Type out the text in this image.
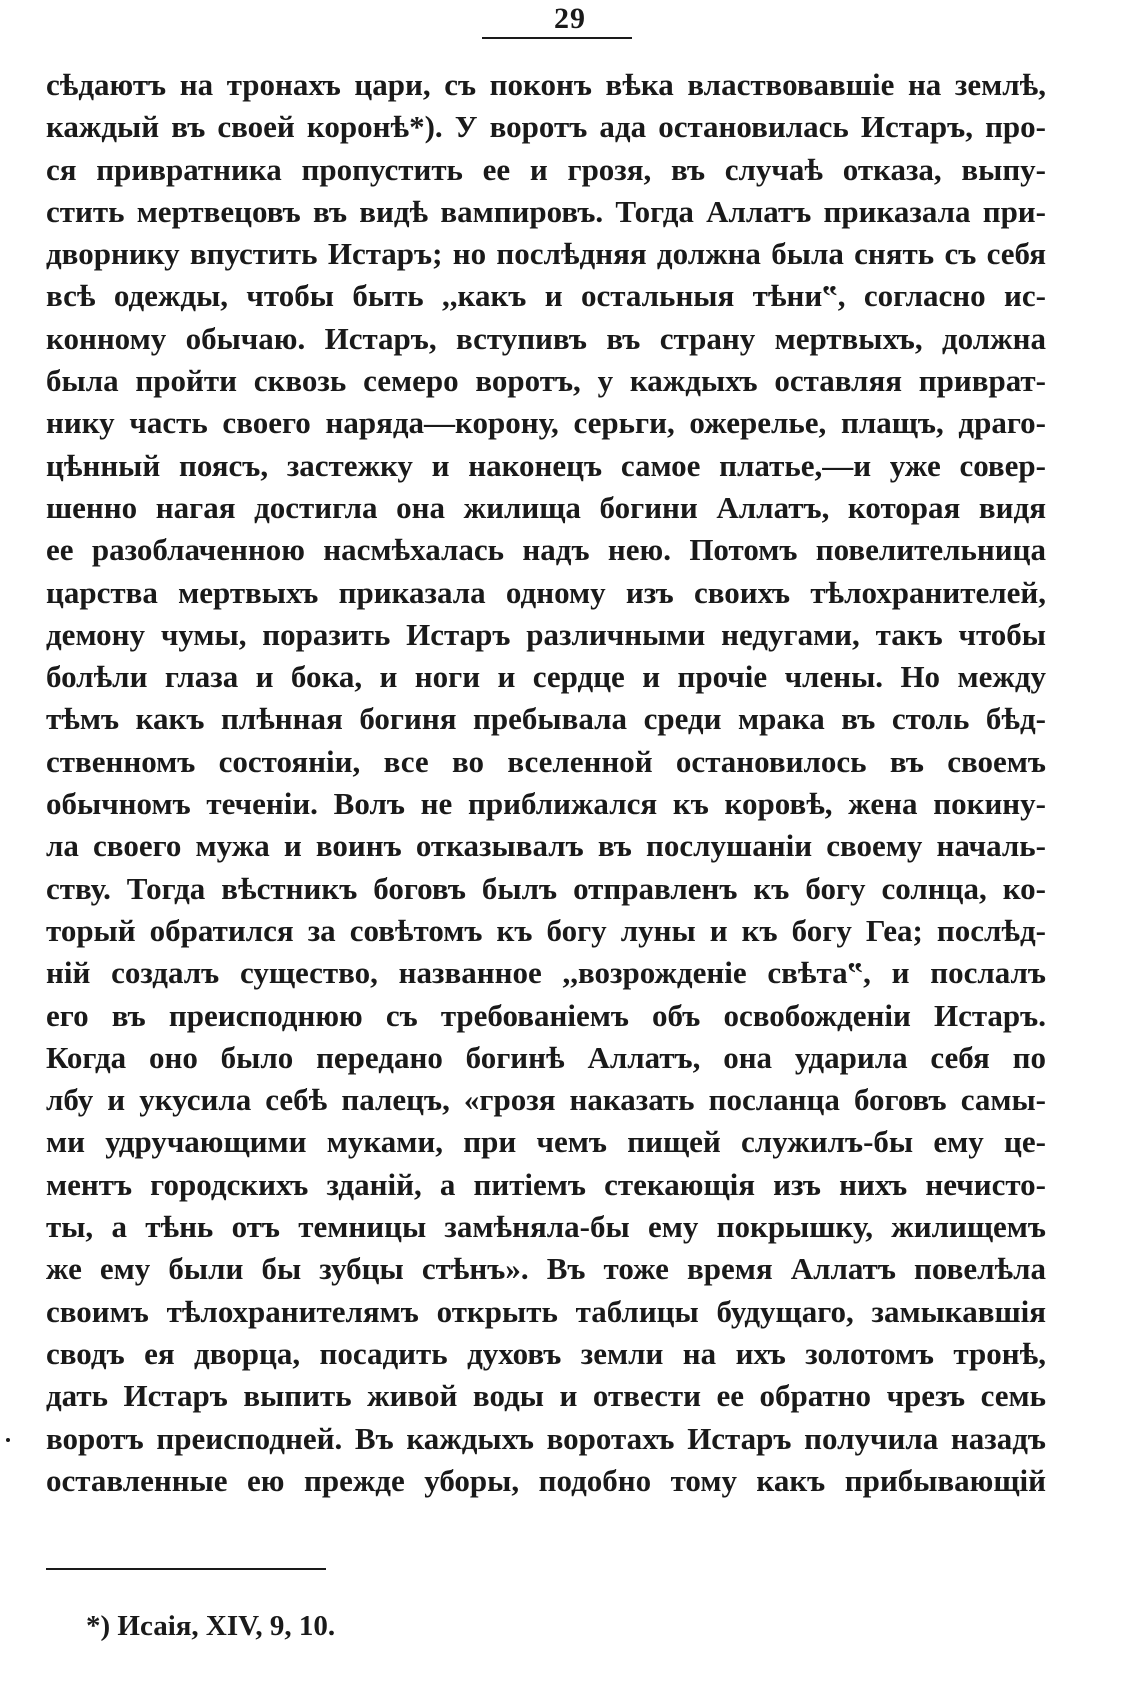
29
сѣдаютъ на тронахъ цари, съ поконъ вѣка властвовавшіе на землѣ,
каждый въ своей коронѣ*). У воротъ ада остановилась Истаръ, про-
ся привратника пропустить ее и грозя, въ случаѣ отказа, выпу-
стить мертвецовъ въ видѣ вампировъ. Тогда Аллатъ приказала при-
дворнику впустить Истаръ; но послѣдняя должна была снять съ себя
всѣ одежды, чтобы быть ,,какъ и остальныя тѣни‟, согласно ис-
конному обычаю. Истаръ, вступивъ въ страну мертвыхъ, должна
была пройти сквозь семеро воротъ, у каждыхъ оставляя приврат-
нику часть своего наряда—корону, серьги, ожерелье, плащъ, драго-
цѣнный поясъ, застежку и наконецъ самое платье,—и уже совер-
шенно нагая достигла она жилища богини Аллатъ, которая видя
ее разоблаченною насмѣхалась надъ нею. Потомъ повелительница
царства мертвыхъ приказала одному изъ своихъ тѣлохранителей,
демону чумы, поразить Истаръ различными недугами, такъ чтобы
болѣли глаза и бока, и ноги и сердце и прочіе члены. Но между
тѣмъ какъ плѣнная богиня пребывала среди мрака въ столь бѣд-
ственномъ состояніи, все во вселенной остановилось въ своемъ
обычномъ теченіи. Волъ не приближался къ коровѣ, жена покину-
ла своего мужа и воинъ отказывалъ въ послушаніи своему началь-
ству. Тогда вѣстникъ боговъ былъ отправленъ къ богу солнца, ко-
торый обратился за совѣтомъ къ богу луны и къ богу Геа; послѣд-
ній создалъ существо, названное ,,возрожденіе свѣта‟, и послалъ
его въ преисподнюю съ требованіемъ объ освобожденіи Истаръ.
Когда оно было передано богинѣ Аллатъ, она ударила себя по
лбу и укусила себѣ палецъ, «грозя наказать посланца боговъ самы-
ми удручающими муками, при чемъ пищей служилъ-бы ему це-
ментъ городскихъ зданій, а питіемъ стекающія изъ нихъ нечисто-
ты, а тѣнь отъ темницы замѣняла-бы ему покрышку, жилищемъ
же ему были бы зубцы стѣнъ». Въ тоже время Аллатъ повелѣла
своимъ тѣлохранителямъ открыть таблицы будущаго, замыкавшія
сводъ ея дворца, посадить духовъ земли на ихъ золотомъ тронѣ,
дать Истаръ выпить живой воды и отвести ее обратно чрезъ семь
воротъ преисподней. Въ каждыхъ воротахъ Истаръ получила назадъ
оставленные ею прежде уборы, подобно тому какъ прибывающій
*) Исаія, XIV, 9, 10.
